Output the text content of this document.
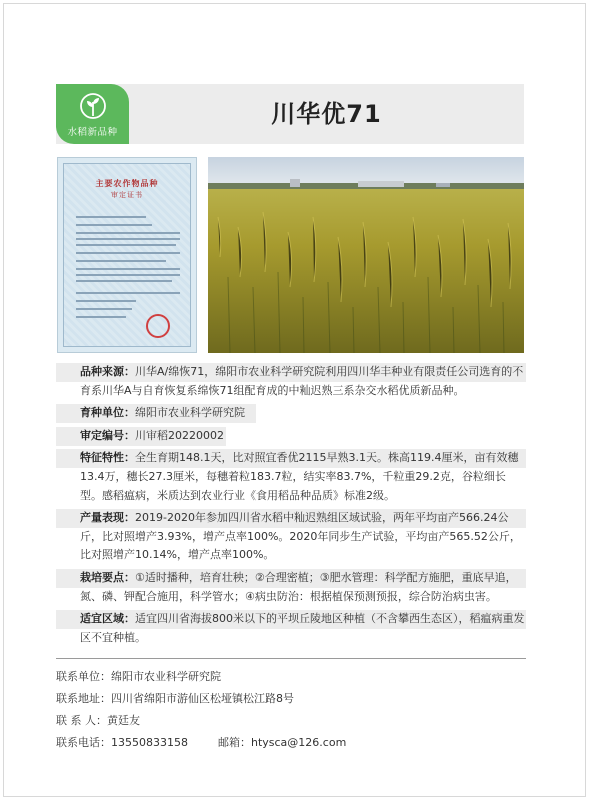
水稻新品种
川华优71
主要农作物品种
审定证书

品种来源：川华A/绵恢71，绵阳市农业科学研究院利用四川华丰种业有限责任公司选育的不育系川华A与自育恢复系绵恢71组配育成的中籼迟熟三系杂交水稻优质新品种。

育种单位：绵阳市农业科学研究院

审定编号：川审稻20220002

特征特性：全生育期148.1天，比对照宜香优2115早熟3.1天。株高119.4厘米，亩有效穗13.4万，穗长27.3厘米，每穗着粒183.7粒，结实率83.7%，千粒重29.2克，谷粒细长型。感稻瘟病，米质达到农业行业《食用稻品种品质》标准2级。

产量表现：2019-2020年参加四川省水稻中籼迟熟组区域试验，两年平均亩产566.24公斤，比对照增产3.93%，增产点率100%。2020年同步生产试验，平均亩产565.52公斤，比对照增产10.14%，增产点率100%。

栽培要点：①适时播种，培育壮秧；②合理密植；③肥水管理：科学配方施肥，重底早追，氮、磷、钾配合施用，科学管水；④病虫防治：根据植保预测预报，综合防治病虫害。

适宜区域：适宜四川省海拔800米以下的平坝丘陵地区种植（不含攀西生态区），稻瘟病重发区不宜种植。

联系单位：绵阳市农业科学研究院
联系地址：四川省绵阳市游仙区松垭镇松江路8号
联 系 人：黄廷友
联系电话：13550833158	邮箱：htysca@126.com
